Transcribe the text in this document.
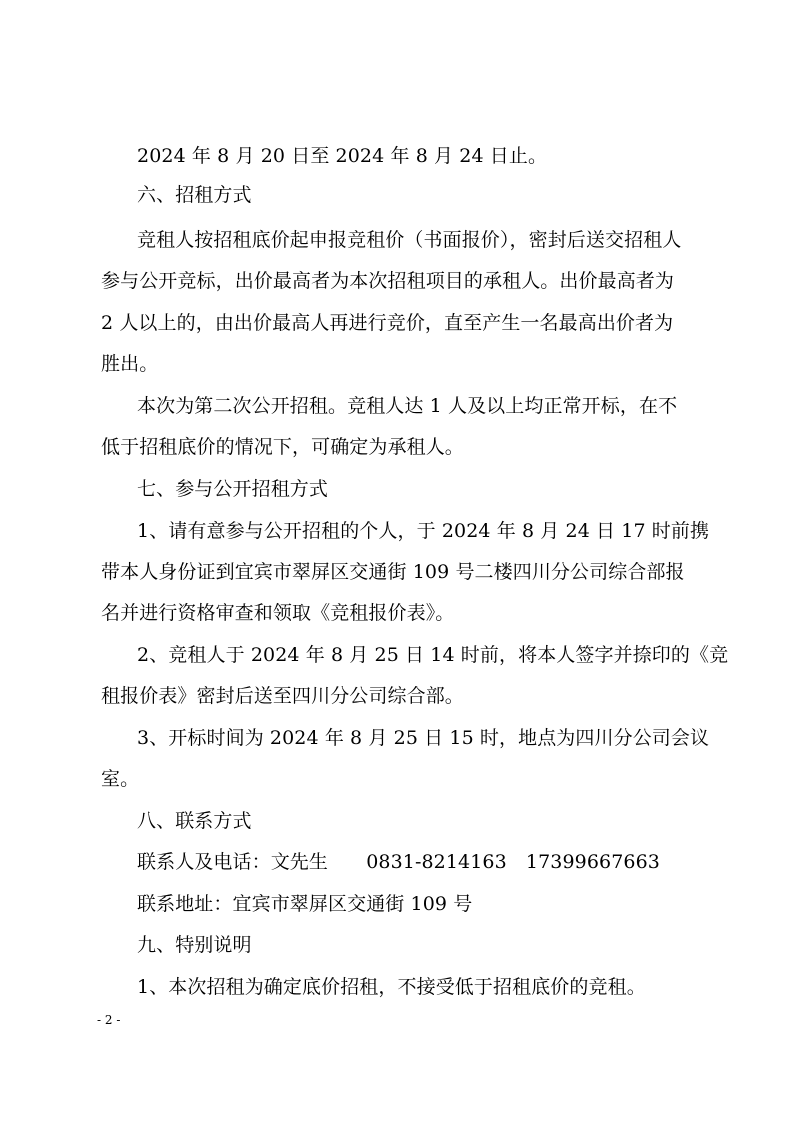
2024 年 8 月 20 日至 2024 年 8 月 24 日止。
六、招租方式
竞租人按招租底价起申报竞租价（书面报价），密封后送交招租人
参与公开竞标，出价最高者为本次招租项目的承租人。出价最高者为
2 人以上的，由出价最高人再进行竞价，直至产生一名最高出价者为
胜出。
本次为第二次公开招租。竞租人达 1 人及以上均正常开标，在不
低于招租底价的情况下，可确定为承租人。
七、参与公开招租方式
1、请有意参与公开招租的个人，于 2024 年 8 月 24 日 17 时前携
带本人身份证到宜宾市翠屏区交通街 109 号二楼四川分公司综合部报
名并进行资格审查和领取《竞租报价表》。
2、竞租人于 2024 年 8 月 25 日 14 时前，将本人签字并捺印的《竞
租报价表》密封后送至四川分公司综合部。
3、开标时间为 2024 年 8 月 25 日 15 时，地点为四川分公司会议
室。
八、联系方式
联系人及电话：文先生　　0831-8214163　17399667663
联系地址：宜宾市翠屏区交通街 109 号
九、特别说明
1、本次招租为确定底价招租，不接受低于招租底价的竞租。
- 2 -
